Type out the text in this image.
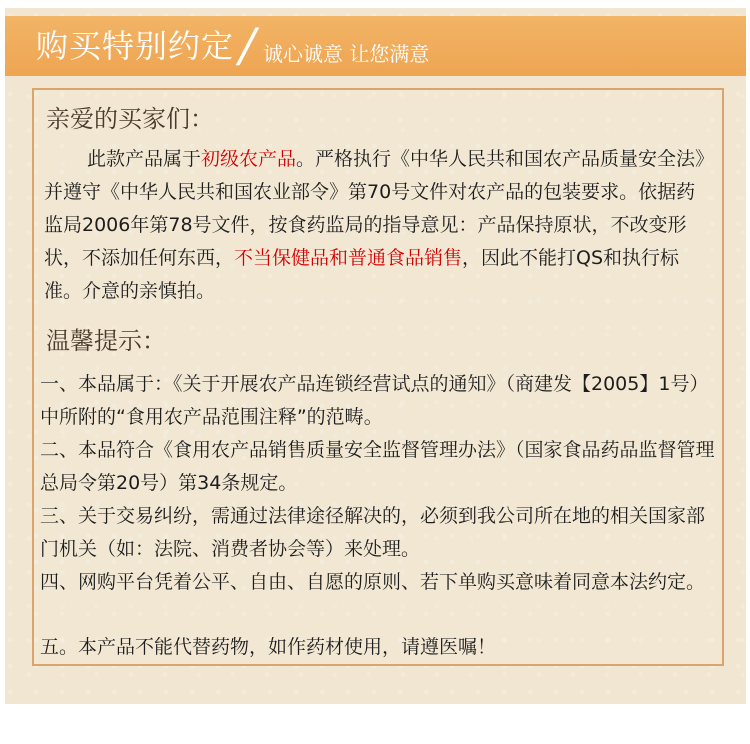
购买特别约定 / 诚心诚意 让您满意
亲爱的买家们：
此款产品属于初级农产品。严格执行《中华人民共和国农产品质量安全法》并遵守《中华人民共和国农业部令》第70号文件对农产品的包装要求。依据药监局2006年第78号文件，按食药监局的指导意见：产品保持原状，不改变形状，不添加任何东西，不当保健品和普通食品销售，因此不能打QS和执行标准。介意的亲慎拍。
温馨提示：
一、本品属于：《关于开展农产品连锁经营试点的通知》（商建发【2005】1号）中所附的“食用农产品范围注释”的范畴。
二、本品符合《食用农产品销售质量安全监督管理办法》（国家食品药品监督管理总局令第20号）第34条规定。
三、关于交易纠纷，需通过法律途径解决的，必须到我公司所在地的相关国家部门机关（如：法院、消费者协会等）来处理。
四、网购平台凭着公平、自由、自愿的原则、若下单购买意味着同意本法约定。
五。本产品不能代替药物，如作药材使用，请遵医嘱！
